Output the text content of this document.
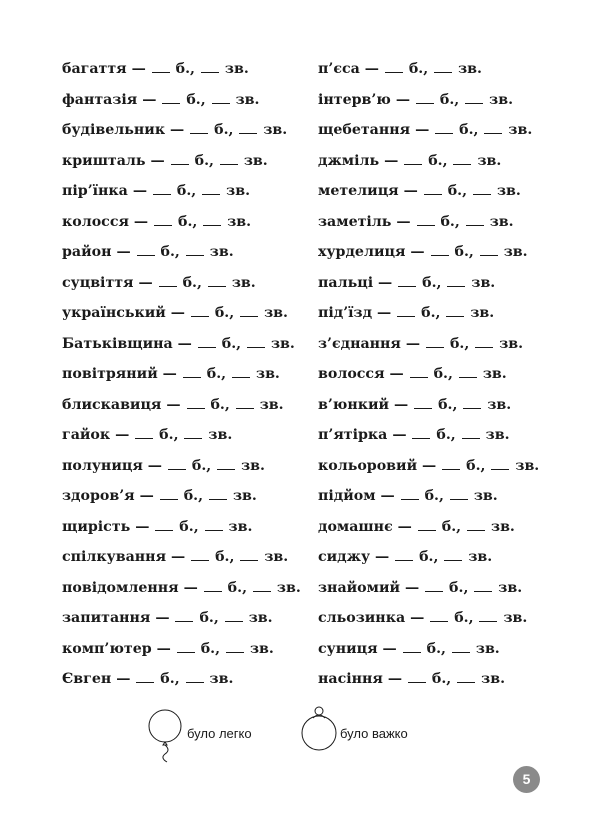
багаття — б., зв.
фантазія — б., зв.
будівельник — б., зв.
кришталь — б., зв.
пір’їнка — б., зв.
колосся — б., зв.
район — б., зв.
суцвіття — б., зв.
український — б., зв.
Батьківщина — б., зв.
повітряний — б., зв.
блискавиця — б., зв.
гайок — б., зв.
полуниця — б., зв.
здоров’я — б., зв.
щирість — б., зв.
спілкування — б., зв.
повідомлення — б., зв.
запитання — б., зв.
комп’ютер — б., зв.
Євген — б., зв.
п’єса — б., зв.
інтерв’ю — б., зв.
щебетання — б., зв.
джміль — б., зв.
метелиця — б., зв.
заметіль — б., зв.
хурделиця — б., зв.
пальці — б., зв.
під’їзд — б., зв.
з’єднання — б., зв.
волосся — б., зв.
в’юнкий — б., зв.
п’ятірка — б., зв.
кольоровий — б., зв.
підйом — б., зв.
домашнє — б., зв.
сиджу — б., зв.
знайомий — б., зв.
сльозинка — б., зв.
суниця — б., зв.
насіння — б., зв.
було легко	було важко
5
